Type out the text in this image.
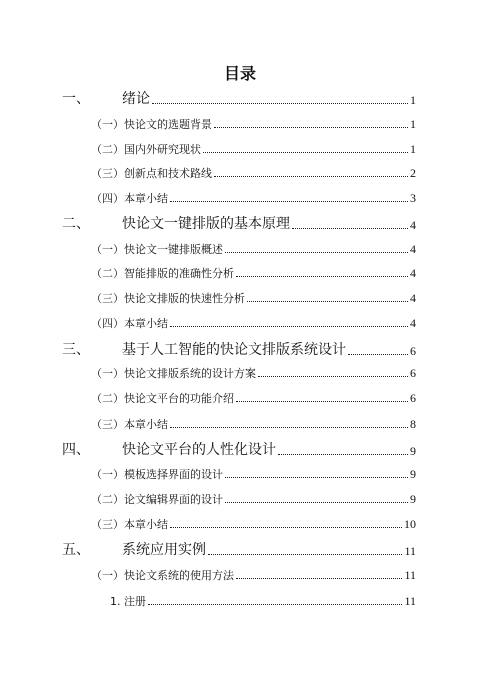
目录
一、 绪论	1
（一）快论文的选题背景	1
（二）国内外研究现状	1
（三）创新点和技术路线	2
（四）本章小结	3
二、 快论文一键排版的基本原理	4
（一）快论文一键排版概述	4
（二）智能排版的准确性分析	4
（三）快论文排版的快速性分析	4
（四）本章小结	4
三、 基于人工智能的快论文排版系统设计	6
（一）快论文排版系统的设计方案	6
（二）快论文平台的功能介绍	6
（三）本章小结	8
四、 快论文平台的人性化设计	9
（一）模板选择界面的设计	9
（二）论文编辑界面的设计	9
（三）本章小结	10
五、 系统应用实例	11
（一）快论文系统的使用方法	11
1. 注册	11
